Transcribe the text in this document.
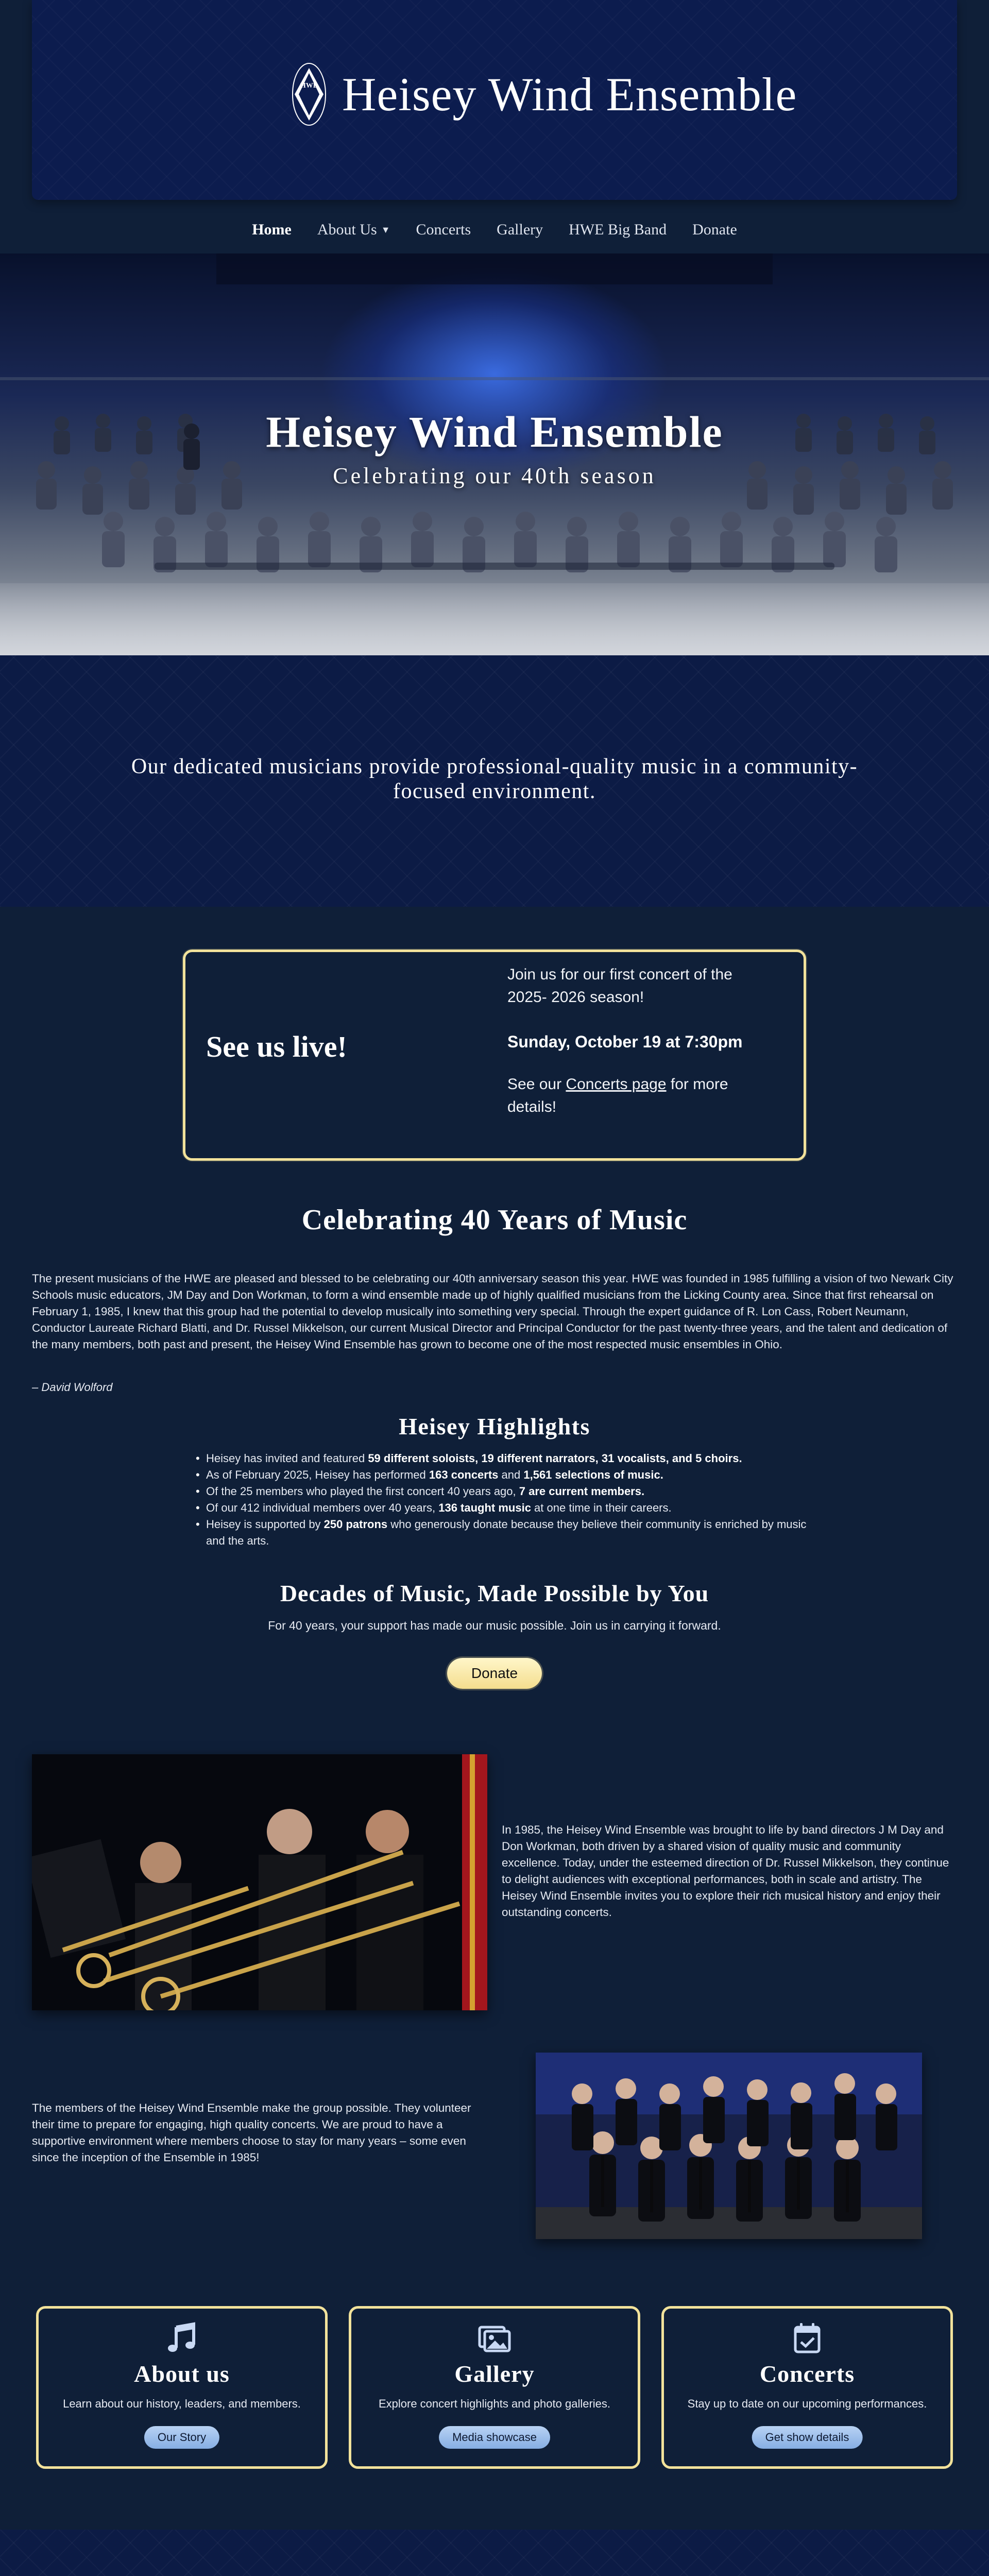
HWE Heisey Wind Ensemble
Home About Us ▼ Concerts Gallery HWE Big Band Donate
Heisey Wind Ensemble
Celebrating our 40th season

Our dedicated musicians provide professional-quality music in a community-focused environment.

See us live!

Join us for our first concert of the 2025- 2026 season!

Sunday, October 19 at 7:30pm

See our Concerts page for more details!

Celebrating 40 Years of Music

The present musicians of the HWE are pleased and blessed to be celebrating our 40th anniversary season this year. HWE was founded in 1985 fulfilling a vision of two Newark City Schools music educators, JM Day and Don Workman, to form a wind ensemble made up of highly qualified musicians from the Licking County area. Since that first rehearsal on February 1, 1985, I knew that this group had the potential to develop musically into something very special. Through the expert guidance of R. Lon Cass, Robert Neumann, Conductor Laureate Richard Blatti, and Dr. Russel Mikkelson, our current Musical Director and Principal Conductor for the past twenty-three years, and the talent and dedication of the many members, both past and present, the Heisey Wind Ensemble has grown to become one of the most respected music ensembles in Ohio.

– David Wolford

Heisey Highlights
• Heisey has invited and featured 59 different soloists, 19 different narrators, 31 vocalists, and 5 choirs.
• As of February 2025, Heisey has performed 163 concerts and 1,561 selections of music.
• Of the 25 members who played the first concert 40 years ago, 7 are current members.
• Of our 412 individual members over 40 years, 136 taught music at one time in their careers.
• Heisey is supported by 250 patrons who generously donate because they believe their community is enriched by music and the arts.
Decades of Music, Made Possible by You

For 40 years, your support has made our music possible. Join us in carrying it forward.

Donate

In 1985, the Heisey Wind Ensemble was brought to life by band directors J M Day and Don Workman, both driven by a shared vision of quality music and community excellence. Today, under the esteemed direction of Dr. Russel Mikkelson, they continue to delight audiences with exceptional performances, both in scale and artistry. The Heisey Wind Ensemble invites you to explore their rich musical history and enjoy their outstanding concerts.

The members of the Heisey Wind Ensemble make the group possible. They volunteer their time to prepare for engaging, high quality concerts. We are proud to have a supportive environment where members choose to stay for many years – some even since the inception of the Ensemble in 1985!

About us

Learn about our history, leaders, and members.

Our Story
Gallery

Explore concert highlights and photo galleries.

Media showcase
Concerts

Stay up to date on our upcoming performances.

Get show details
